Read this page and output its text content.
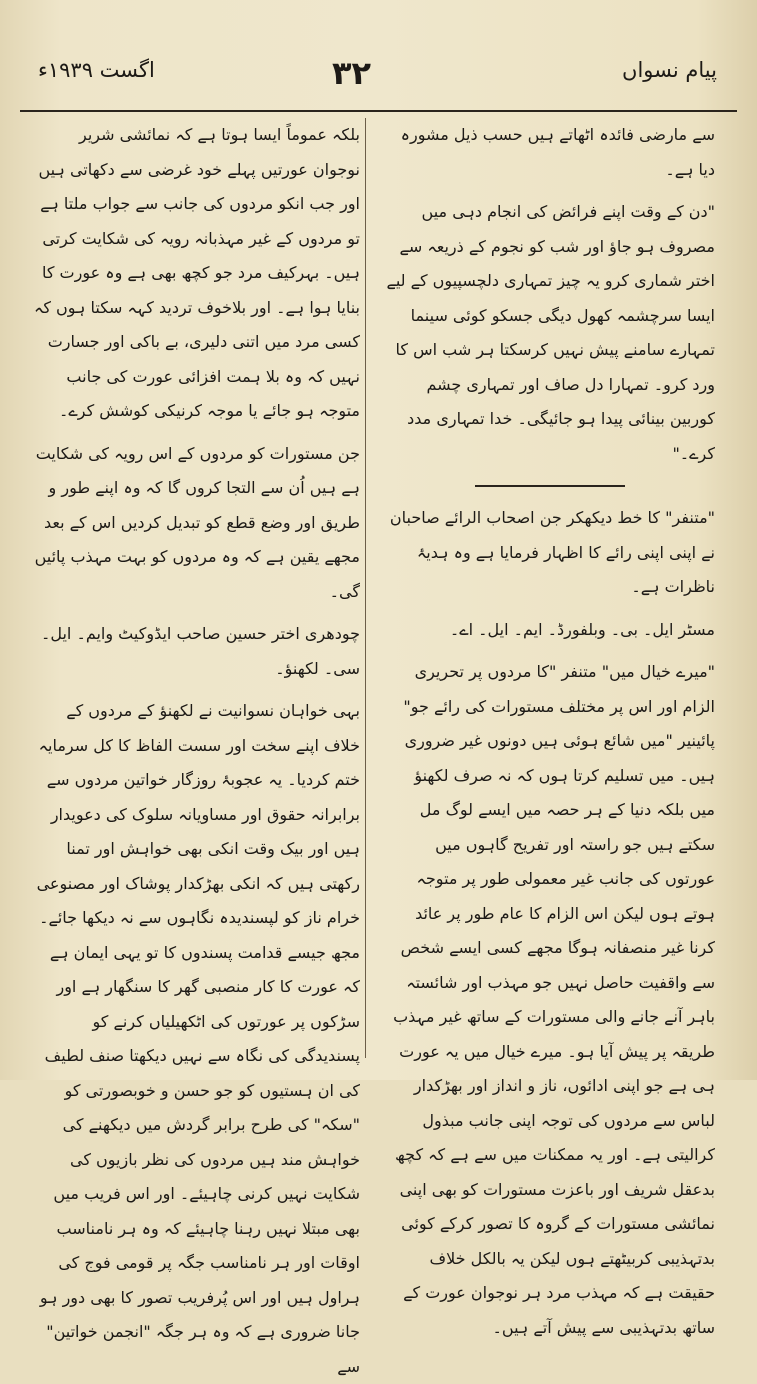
اگست ۱۹۳۹ء	۳۲	پیام نسواں

سے مارضی فائدہ اٹھاتے ہیں حسب ذیل مشورہ دیا ہے۔

"دن کے وقت اپنے فرائض کی انجام دہی میں مصروف ہو جاؤ اور شب کو نجوم کے ذریعہ سے اختر شماری کرو یہ چیز تمہاری دلچسپیوں کے لیے ایسا سرچشمہ کھول دیگی جسکو کوئی سینما تمہارے سامنے پیش نہیں کرسکتا ہر شب اس کا ورد کرو۔ تمہارا دل صاف اور تمہاری چشم کوربین بینائی پیدا ہو جائیگی۔ خدا تمہاری مدد کرے۔"

"متنفر" کا خط دیکھکر جن اصحاب الرائے صاحبان نے اپنی اپنی رائے کا اظہار فرمایا ہے وہ ہدیۂ ناظرات ہے۔

مسٹر ایل۔ بی۔ وبلفورڈ۔ ایم۔ ایل۔ اے۔

"میرے خیال میں" متنفر "کا مردوں پر تحریری الزام اور اس پر مختلف مستورات کی رائے جو" پائینیر "میں شائع ہوئی ہیں دونوں غیر ضروری ہیں۔ میں تسلیم کرتا ہوں کہ نہ صرف لکھنؤ میں بلکہ دنیا کے ہر حصہ میں ایسے لوگ مل سکتے ہیں جو راستہ اور تفریح گاہوں میں عورتوں کی جانب غیر معمولی طور پر متوجہ ہوتے ہوں لیکن اس الزام کا عام طور پر عائد کرنا غیر منصفانہ ہوگا مجھے کسی ایسے شخص سے واقفیت حاصل نہیں جو مہذب اور شائستہ باہر آنے جانے والی مستورات کے ساتھ غیر مہذب طریقہ پر پیش آیا ہو۔ میرے خیال میں یہ عورت ہی ہے جو اپنی ادائوں، ناز و انداز اور بھڑکدار لباس سے مردوں کی توجہ اپنی جانب مبذول کرالیتی ہے۔ اور یہ ممکنات میں سے ہے کہ کچھ بدعقل شریف اور باعزت مستورات کو بھی اپنی نمائشی مستورات کے گروہ کا تصور کرکے کوئی بدتہذیبی کربیٹھتے ہوں لیکن یہ بالکل خلاف حقیقت ہے کہ مہذب مرد ہر نوجوان عورت کے ساتھ بدتہذیبی سے پیش آتے ہیں۔

بلکہ عموماً ایسا ہوتا ہے کہ نمائشی شریر نوجوان عورتیں پہلے خود غرضی سے دکھاتی ہیں اور جب انکو مردوں کی جانب سے جواب ملتا ہے تو مردوں کے غیر مہذبانہ رویہ کی شکایت کرتی ہیں۔ بہرکیف مرد جو کچھ بھی ہے وہ عورت کا بنایا ہوا ہے۔ اور بلاخوف تردید کہہ سکتا ہوں کہ کسی مرد میں اتنی دلیری، بے باکی اور جسارت نہیں کہ وہ بلا ہمت افزائی عورت کی جانب متوجہ ہو جائے یا موجہ کرنیکی کوشش کرے۔

جن مستورات کو مردوں کے اس رویہ کی شکایت ہے ہیں اُن سے التجا کروں گا کہ وہ اپنے طور و طریق اور وضع قطع کو تبدیل کردیں اس کے بعد مجھے یقین ہے کہ وہ مردوں کو بہت مہذب پائیں گی۔

چودھری اختر حسین صاحب ایڈوکیٹ وایم۔ ایل۔ سی۔ لکھنؤ۔

بہی خواہان نسوانیت نے لکھنؤ کے مردوں کے خلاف اپنے سخت اور سست الفاظ کا کل سرمایہ ختم کردیا۔ یہ عجوبۂ روزگار خواتین مردوں سے برابرانہ حقوق اور مساویانہ سلوک کی دعویدار ہیں اور بیک وقت انکی بھی خواہش اور تمنا رکھتی ہیں کہ انکی بھڑکدار پوشاک اور مصنوعی خرام ناز کو لپسندیدہ نگاہوں سے نہ دیکھا جائے۔ مجھ جیسے قدامت پسندوں کا تو یہی ایمان ہے کہ عورت کا کار منصبی گھر کا سنگھار ہے اور سڑکوں پر عورتوں کی اٹکھیلیاں کرنے کو پسندیدگی کی نگاہ سے نہیں دیکھتا صنف لطیف کی ان ہستیوں کو جو حسن و خوبصورتی کو "سکہ" کی طرح برابر گردش میں دیکھنے کی خواہش مند ہیں مردوں کی نظر بازیوں کی شکایت نہیں کرنی چاہیئے۔ اور اس فریب میں بھی مبتلا نہیں رہنا چاہیئے کہ وہ ہر نامناسب اوقات اور ہر نامناسب جگہ پر قومی فوج کی ہراول ہیں اور اس پُرفریب تصور کا بھی دور ہو جانا ضروری ہے کہ وہ ہر جگہ "انجمن خواتین" سے
